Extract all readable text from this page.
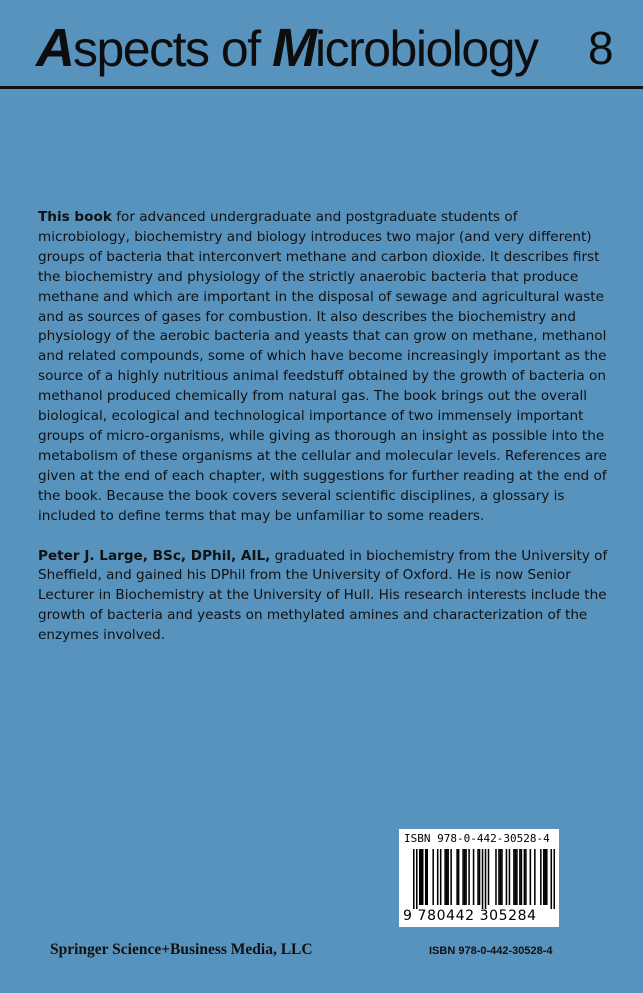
Aspects of Microbiology 8

This book for advanced undergraduate and postgraduate students of microbiology, biochemistry and biology introduces two major (and very different) groups of bacteria that interconvert methane and carbon dioxide. It describes first the biochemistry and physiology of the strictly anaerobic bacteria that produce methane and which are important in the disposal of sewage and agricultural waste and as sources of gases for combustion. It also describes the biochemistry and physiology of the aerobic bacteria and yeasts that can grow on methane, methanol and related compounds, some of which have become increasingly important as the source of a highly nutritious animal feedstuff obtained by the growth of bacteria on methanol produced chemically from natural gas. The book brings out the overall biological, ecological and technological importance of two immensely important groups of micro-organisms, while giving as thorough an insight as possible into the metabolism of these organisms at the cellular and molecular levels. References are given at the end of each chapter, with suggestions for further reading at the end of the book. Because the book covers several scientific disciplines, a glossary is included to define terms that may be unfamiliar to some readers.

Peter J. Large, BSc, DPhil, AIL, graduated in biochemistry from the University of Sheffield, and gained his DPhil from the University of Oxford. He is now Senior Lecturer in Biochemistry at the University of Hull. His research interests include the growth of bacteria and yeasts on methylated amines and characterization of the enzymes involved.

ISBN 978-0-442-30528-4
9 780442 305284
Springer Science+Business Media, LLC	ISBN 978-0-442-30528-4
